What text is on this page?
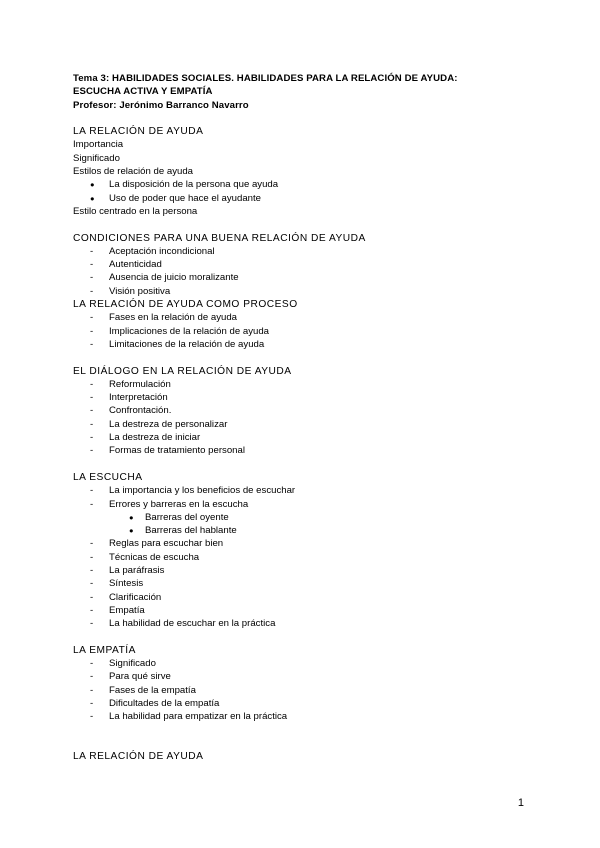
Tema 3: HABILIDADES SOCIALES. HABILIDADES PARA LA RELACIÓN DE AYUDA:
ESCUCHA ACTIVA Y EMPATÍA
Profesor: Jerónimo Barranco Navarro
LA RELACIÓN DE AYUDA
Importancia
Significado
Estilos de relación de ayuda
● La disposición de la persona que ayuda
● Uso de poder que hace el ayudante
Estilo centrado en la persona
CONDICIONES PARA UNA BUENA RELACIÓN DE AYUDA
- Aceptación incondicional
- Autenticidad
- Ausencia de juicio moralizante
- Visión positiva
LA RELACIÓN DE AYUDA COMO PROCESO
- Fases en la relación de ayuda
- Implicaciones de la relación de ayuda
- Limitaciones de la relación de ayuda
EL DIÁLOGO EN LA RELACIÓN DE AYUDA
- Reformulación
- Interpretación
- Confrontación.
- La destreza de personalizar
- La destreza de iniciar
- Formas de tratamiento personal
LA ESCUCHA
- La importancia y los beneficios de escuchar
- Errores y barreras en la escucha
● Barreras del oyente
● Barreras del hablante
- Reglas para escuchar bien
- Técnicas de escucha
- La paráfrasis
- Síntesis
- Clarificación
- Empatía
- La habilidad de escuchar en la práctica
LA EMPATÍA
- Significado
- Para qué sirve
- Fases de la empatía
- Dificultades de la empatía
- La habilidad para empatizar en la práctica
LA RELACIÓN DE AYUDA
1
